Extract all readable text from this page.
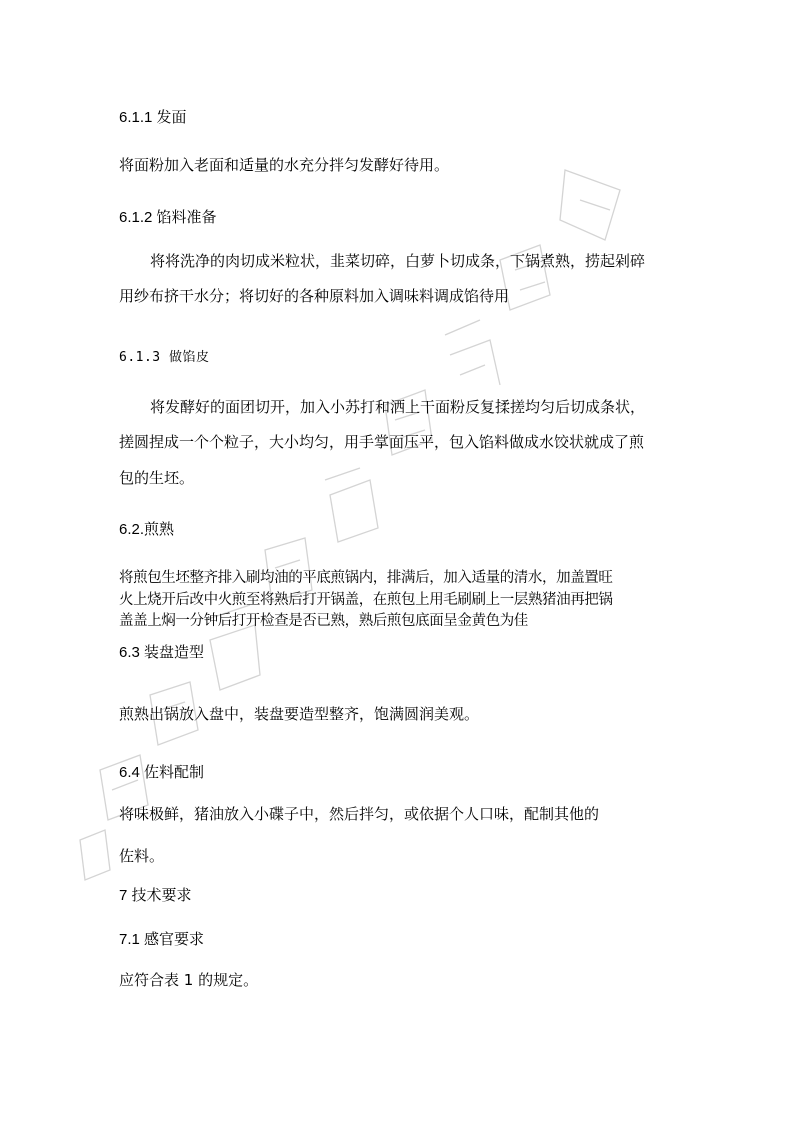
6.1.1 发面
将面粉加入老面和适量的水充分拌匀发酵好待用。
6.1.2 馅料准备
将将洗净的肉切成米粒状，韭菜切碎，白萝卜切成条，下锅煮熟，捞起剁碎
用纱布挤干水分；将切好的各种原料加入调味料调成馅待用
6.1.3 做馅皮
将发酵好的面团切开，加入小苏打和洒上干面粉反复揉搓均匀后切成条状，
搓圆捏成一个个粒子，大小均匀，用手掌面压平，包入馅料做成水饺状就成了煎
包的生坯。
6.2.煎熟
将煎包生坯整齐排入刷均油的平底煎锅内，排满后，加入适量的清水，加盖置旺
火上烧开后改中火煎至将熟后打开锅盖，在煎包上用毛刷刷上一层熟猪油再把锅
盖盖上焖一分钟后打开检查是否已熟，熟后煎包底面呈金黄色为佳
6.3 装盘造型
煎熟出锅放入盘中，装盘要造型整齐，饱满圆润美观。
6.4 佐料配制
将味极鲜，猪油放入小碟子中，然后拌匀，或依据个人口味，配制其他的
佐料。
7 技术要求
7.1 感官要求
应符合表 1 的规定。
